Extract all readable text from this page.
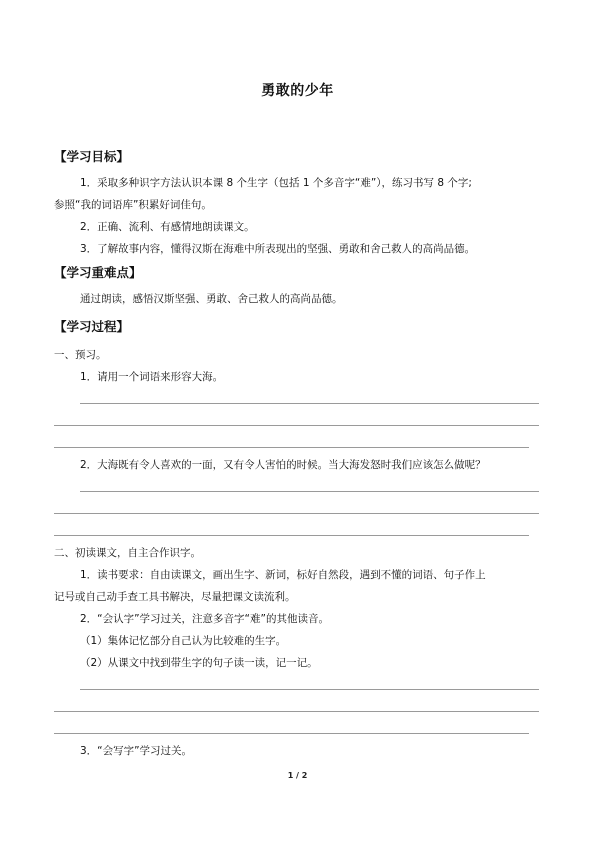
勇敢的少年
【学习目标】
1．采取多种识字方法认识本课 8 个生字（包括 1 个多音字“难”），练习书写 8 个字;
参照“我的词语库”积累好词佳句。
2．正确、流利、有感情地朗读课文。
3．了解故事内容，懂得汉斯在海难中所表现出的坚强、勇敢和舍己救人的高尚品德。
【学习重难点】
通过朗读，感悟汉斯坚强、勇敢、舍己救人的高尚品德。
【学习过程】
一、预习。
1．请用一个词语来形容大海。
2．大海既有令人喜欢的一面，又有令人害怕的时候。当大海发怒时我们应该怎么做呢？
二、初读课文，自主合作识字。
1．读书要求：自由读课文，画出生字、新词，标好自然段，遇到不懂的词语、句子作上
记号或自己动手查工具书解决，尽量把课文读流利。
2．“会认字”学习过关，注意多音字“难”的其他读音。
（1）集体记忆部分自己认为比较难的生字。
（2）从课文中找到带生字的句子读一读，记一记。
3．“会写字”学习过关。
1 / 2
